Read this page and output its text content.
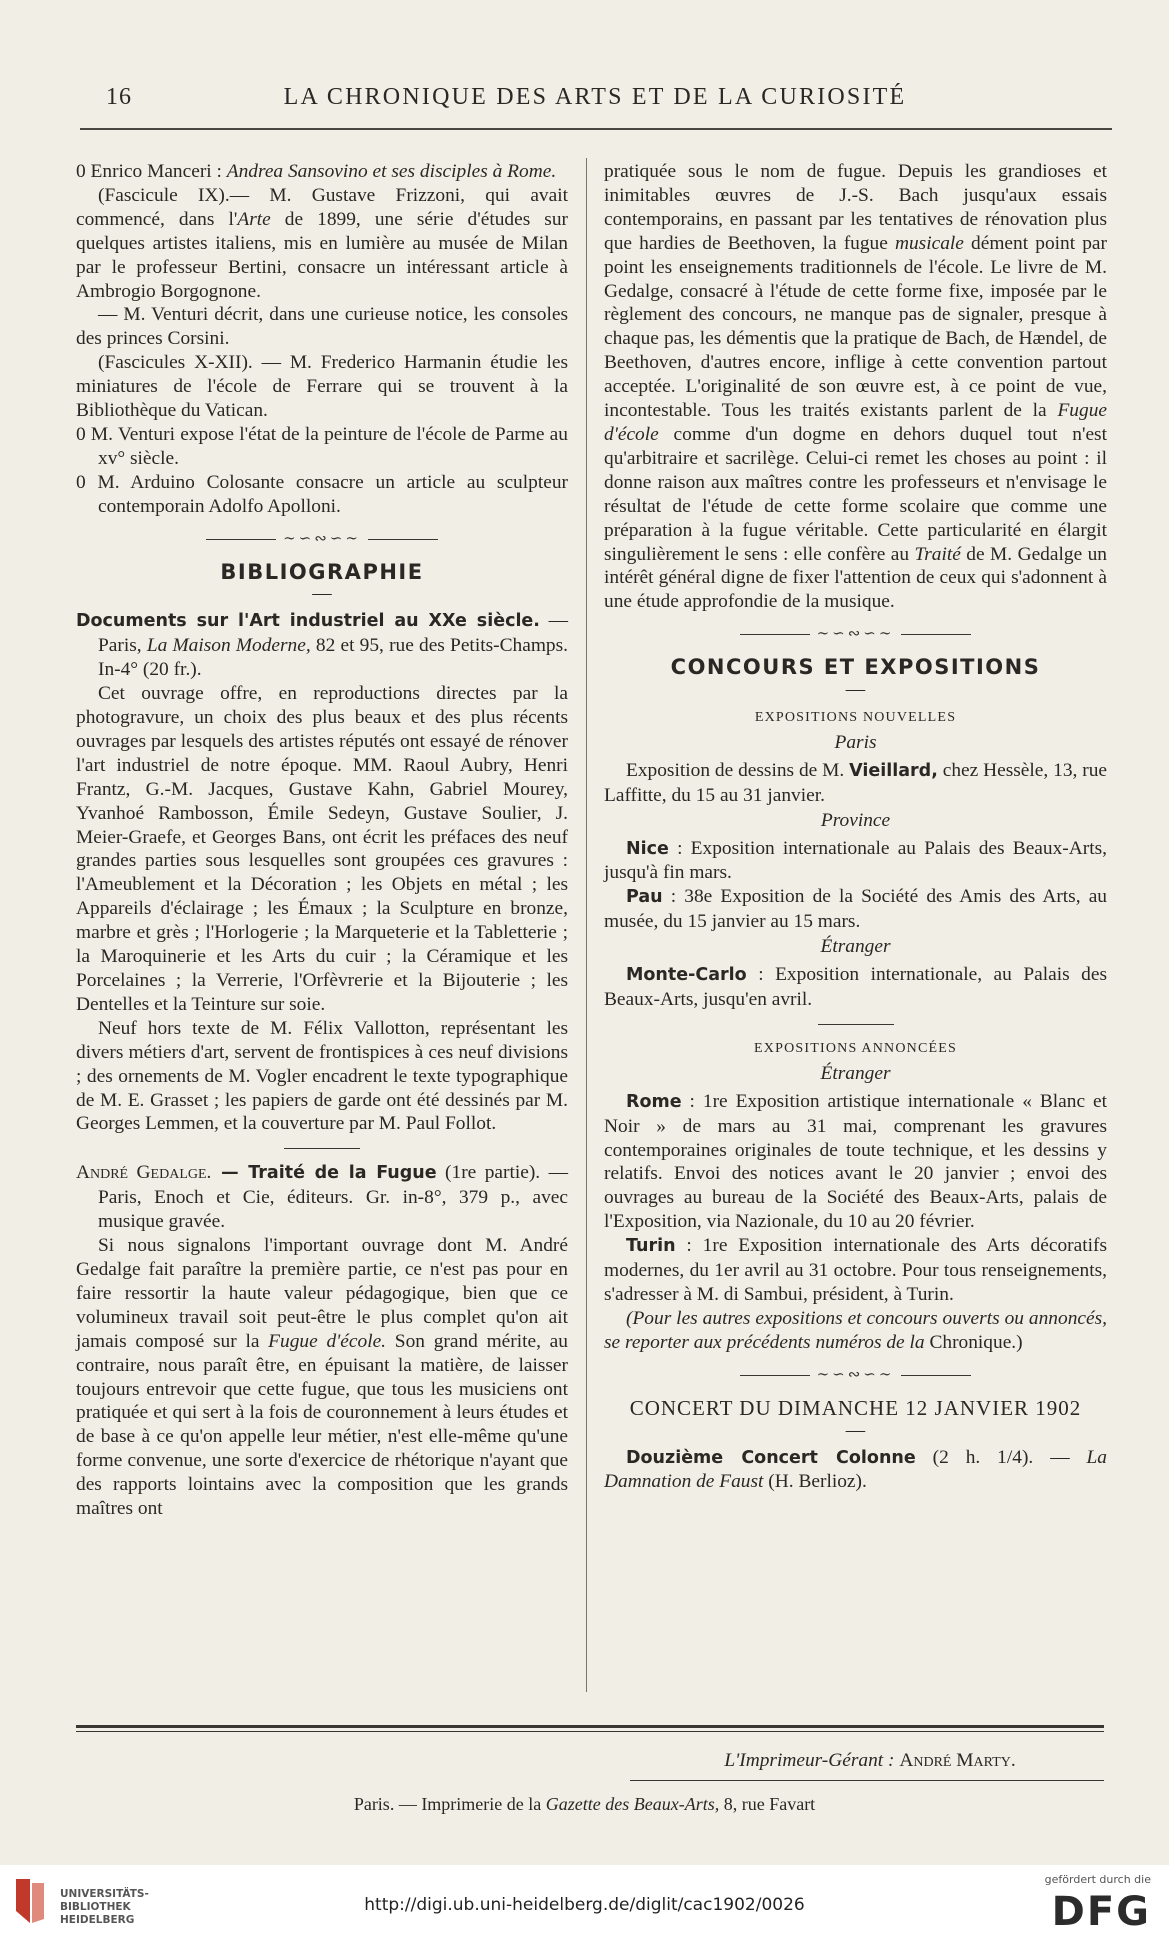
16	LA CHRONIQUE DES ARTS ET DE LA CURIOSITÉ

0 Enrico Manceri : Andrea Sansovino et ses disciples à Rome.

(Fascicule IX).— M. Gustave Frizzoni, qui avait commencé, dans l'Arte de 1899, une série d'études sur quelques artistes italiens, mis en lumière au musée de Milan par le professeur Bertini, consacre un intéressant article à Ambrogio Borgognone.

— M. Venturi décrit, dans une curieuse notice, les consoles des princes Corsini.

(Fascicules X-XII). — M. Frederico Harmanin étudie les miniatures de l'école de Ferrare qui se trouvent à la Bibliothèque du Vatican.

0 M. Venturi expose l'état de la peinture de l'école de Parme au xv° siècle.

0 M. Arduino Colosante consacre un article au sculpteur contemporain Adolfo Apolloni.

∼∽∾∽∼
BIBLIOGRAPHIE
—

Documents sur l'Art industriel au XXe siècle. — Paris, La Maison Moderne, 82 et 95, rue des Petits-Champs. In-4° (20 fr.).

Cet ouvrage offre, en reproductions directes par la photogravure, un choix des plus beaux et des plus récents ouvrages par lesquels des artistes réputés ont essayé de rénover l'art industriel de notre époque. MM. Raoul Aubry, Henri Frantz, G.-M. Jacques, Gustave Kahn, Gabriel Mourey, Yvanhoé Rambosson, Émile Sedeyn, Gustave Soulier, J. Meier-Graefe, et Georges Bans, ont écrit les préfaces des neuf grandes parties sous lesquelles sont groupées ces gravures : l'Ameublement et la Décoration ; les Objets en métal ; les Appareils d'éclairage ; les Émaux ; la Sculpture en bronze, marbre et grès ; l'Horlogerie ; la Marqueterie et la Tabletterie ; la Maroquinerie et les Arts du cuir ; la Céramique et les Porcelaines ; la Verrerie, l'Orfèvrerie et la Bijouterie ; les Dentelles et la Teinture sur soie.

Neuf hors texte de M. Félix Vallotton, représentant les divers métiers d'art, servent de frontispices à ces neuf divisions ; des ornements de M. Vogler encadrent le texte typographique de M. E. Grasset ; les papiers de garde ont été dessinés par M. Georges Lemmen, et la couverture par M. Paul Follot.

André Gedalge. — Traité de la Fugue (1re partie). — Paris, Enoch et Cie, éditeurs. Gr. in-8°, 379 p., avec musique gravée.

Si nous signalons l'important ouvrage dont M. André Gedalge fait paraître la première partie, ce n'est pas pour en faire ressortir la haute valeur pédagogique, bien que ce volumineux travail soit peut-être le plus complet qu'on ait jamais composé sur la Fugue d'école. Son grand mérite, au contraire, nous paraît être, en épuisant la matière, de laisser toujours entrevoir que cette fugue, que tous les musiciens ont pratiquée et qui sert à la fois de couronnement à leurs études et de base à ce qu'on appelle leur métier, n'est elle-même qu'une forme convenue, une sorte d'exercice de rhétorique n'ayant que des rapports lointains avec la composition que les grands maîtres ont

pratiquée sous le nom de fugue. Depuis les grandioses et inimitables œuvres de J.-S. Bach jusqu'aux essais contemporains, en passant par les tentatives de rénovation plus que hardies de Beethoven, la fugue musicale dément point par point les enseignements traditionnels de l'école. Le livre de M. Gedalge, consacré à l'étude de cette forme fixe, imposée par le règlement des concours, ne manque pas de signaler, presque à chaque pas, les démentis que la pratique de Bach, de Hændel, de Beethoven, d'autres encore, inflige à cette convention partout acceptée. L'originalité de son œuvre est, à ce point de vue, incontestable. Tous les traités existants parlent de la Fugue d'école comme d'un dogme en dehors duquel tout n'est qu'arbitraire et sacrilège. Celui-ci remet les choses au point : il donne raison aux maîtres contre les professeurs et n'envisage le résultat de l'étude de cette forme scolaire que comme une préparation à la fugue véritable. Cette particularité en élargit singulièrement le sens : elle confère au Traité de M. Gedalge un intérêt général digne de fixer l'attention de ceux qui s'adonnent à une étude approfondie de la musique.

∼∽∾∽∼
CONCOURS ET EXPOSITIONS
—
EXPOSITIONS NOUVELLES
Paris

Exposition de dessins de M. Vieillard, chez Hessèle, 13, rue Laffitte, du 15 au 31 janvier.

Province

Nice : Exposition internationale au Palais des Beaux-Arts, jusqu'à fin mars.

Pau : 38e Exposition de la Société des Amis des Arts, au musée, du 15 janvier au 15 mars.

Étranger

Monte-Carlo : Exposition internationale, au Palais des Beaux-Arts, jusqu'en avril.

EXPOSITIONS ANNONCÉES
Étranger

Rome : 1re Exposition artistique internationale « Blanc et Noir » de mars au 31 mai, comprenant les gravures contemporaines originales de toute technique, et les dessins y relatifs. Envoi des notices avant le 20 janvier ; envoi des ouvrages au bureau de la Société des Beaux-Arts, palais de l'Exposition, via Nazionale, du 10 au 20 février.

Turin : 1re Exposition internationale des Arts décoratifs modernes, du 1er avril au 31 octobre. Pour tous renseignements, s'adresser à M. di Sambui, président, à Turin.

(Pour les autres expositions et concours ouverts ou annoncés, se reporter aux précédents numéros de la Chronique.)

∼∽∾∽∼
CONCERT DU DIMANCHE 12 JANVIER 1902
—

Douzième Concert Colonne (2 h. 1/4). — La Damnation de Faust (H. Berlioz).

L'Imprimeur-Gérant : André Marty.
Paris. — Imprimerie de la Gazette des Beaux-Arts, 8, rue Favart
UNIVERSITÄTS-
BIBLIOTHEK
HEIDELBERG
http://digi.ub.uni-heidelberg.de/diglit/cac1902/0026
gefördert durch die
DFG
